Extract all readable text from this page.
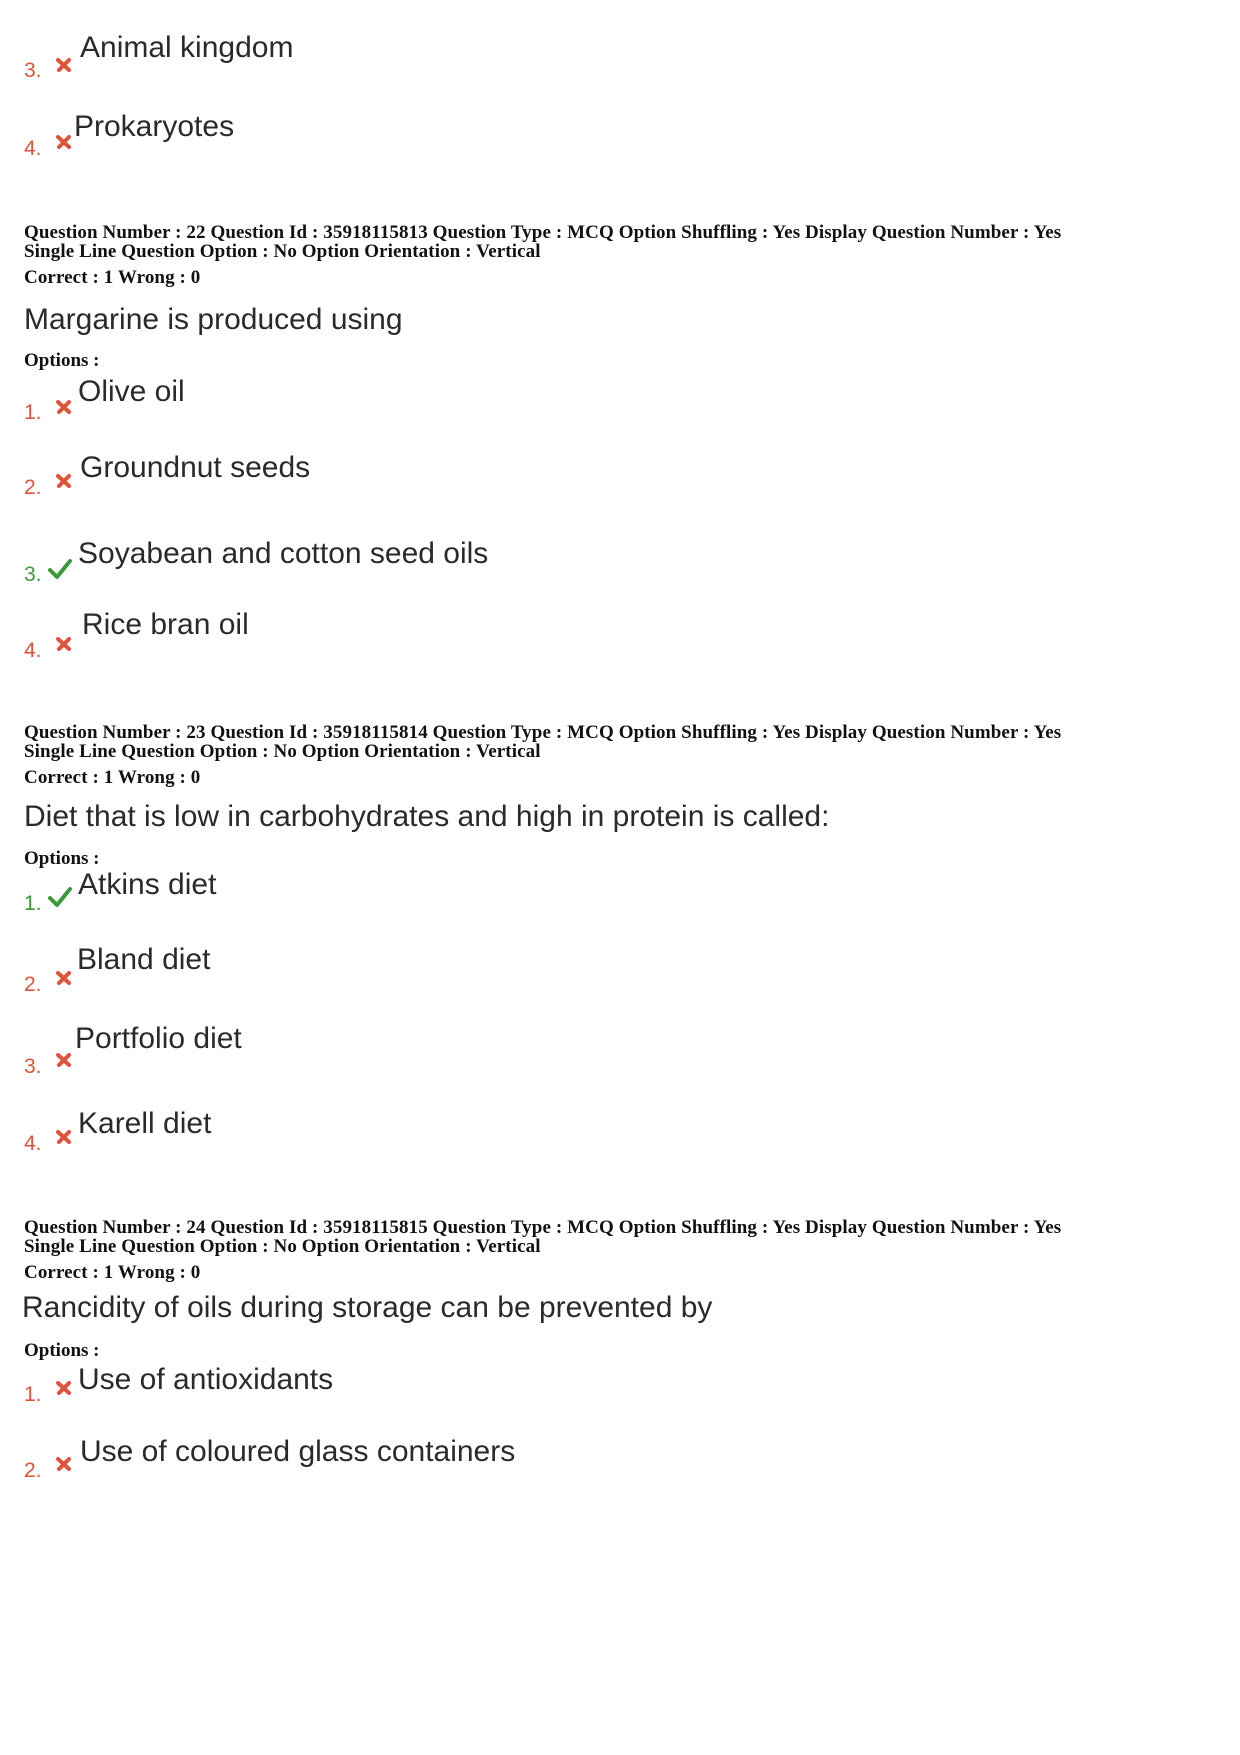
3.
Animal kingdom
4.
Prokaryotes
Question Number : 22 Question Id : 35918115813 Question Type : MCQ Option Shuffling : Yes Display Question Number : Yes
Single Line Question Option : No Option Orientation : Vertical
Correct : 1 Wrong : 0
Margarine is produced using
Options :
1.
Olive oil
2.
Groundnut seeds
3.
Soyabean and cotton seed oils
4.
Rice bran oil
Question Number : 23 Question Id : 35918115814 Question Type : MCQ Option Shuffling : Yes Display Question Number : Yes
Single Line Question Option : No Option Orientation : Vertical
Correct : 1 Wrong : 0
Diet that is low in carbohydrates and high in protein is called:
Options :
1.
Atkins diet
2.
Bland diet
3.
Portfolio diet
4.
Karell diet
Question Number : 24 Question Id : 35918115815 Question Type : MCQ Option Shuffling : Yes Display Question Number : Yes
Single Line Question Option : No Option Orientation : Vertical
Correct : 1 Wrong : 0
Rancidity of oils during storage can be prevented by
Options :
1. Use of antioxidants
2.
Use of coloured glass containers
